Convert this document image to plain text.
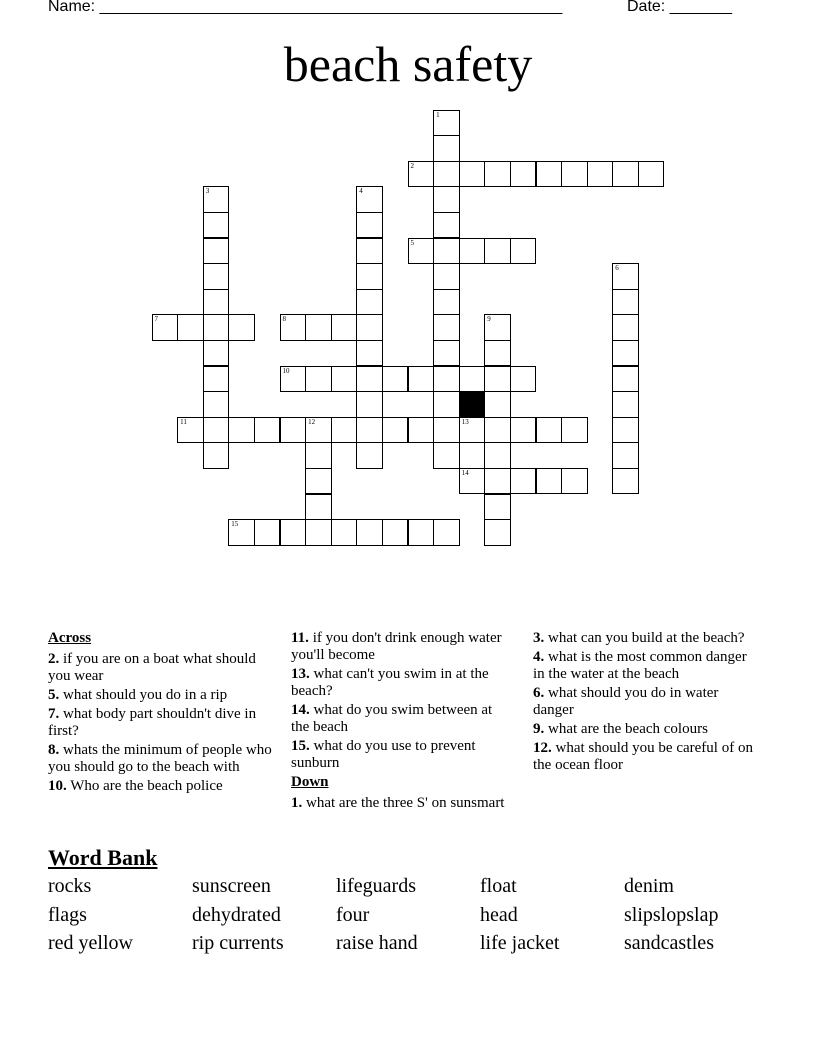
Name: ____________________________________________________	Date: _______
beach safety
1
2
3	4
5
6
7	8	9
10
11	12	13
14
15
Across
2. if you are on a boat what should you wear
5. what should you do in a rip
7. what body part shouldn't dive in first?
8. whats the minimum of people who you should go to the beach with
10. Who are the beach police
11. if you don't drink enough water you'll become
13. what can't you swim in at the beach?
14. what do you swim between at the beach
15. what do you use to prevent sunburn
Down
1. what are the three S' on sunsmart
3. what can you build at the beach?
4. what is the most common danger in the water at the beach
6. what should you do in water danger
9. what are the beach colours
12. what should you be careful of on the ocean floor
Word Bank
rocks	sunscreen	lifeguards	float	denim
flags	dehydrated	four	head	slipslopslap
red yellow	rip currents	raise hand	life jacket	sandcastles
